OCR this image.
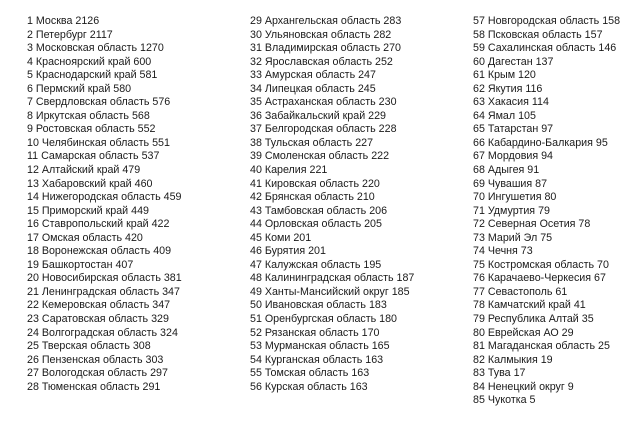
1 Москва 2126
2 Петербург 2117
3 Московская область 1270
4 Красноярский край 600
5 Краснодарский край 581
6 Пермский край 580
7 Свердловская область 576
8 Иркутская область 568
9 Ростовская область 552
10 Челябинская область 551
11 Самарская область 537
12 Алтайский край 479
13 Хабаровский край 460
14 Нижегородская область 459
15 Приморский край 449
16 Ставропольский край 422
17 Омская область 420
18 Воронежская область 409
19 Башкортостан 407
20 Новосибирская область 381
21 Ленинградская область 347
22 Кемеровская область 347
23 Саратовская область 329
24 Волгоградская область 324
25 Тверская область 308
26 Пензенская область 303
27 Вологодская область 297
28 Тюменская область 291
29 Архангельская область 283
30 Ульяновская область 282
31 Владимирская область 270
32 Ярославская область 252
33 Амурская область 247
34 Липецкая область 245
35 Астраханская область 230
36 Забайкальский край 229
37 Белгородская область 228
38 Тульская область 227
39 Смоленская область 222
40 Карелия 221
41 Кировская область 220
42 Брянская область 210
43 Тамбовская область 206
44 Орловская область 205
45 Коми 201
46 Бурятия 201
47 Калужская область 195
48 Калининградская область 187
49 Ханты-Мансийский округ 185
50 Ивановская область 183
51 Оренбургская область 180
52 Рязанская область 170
53 Мурманская область 165
54 Курганская область 163
55 Томская область 163
56 Курская область 163
57 Новгородская область 158
58 Псковская область 157
59 Сахалинская область 146
60 Дагестан 137
61 Крым 120
62 Якутия 116
63 Хакасия 114
64 Ямал 105
65 Татарстан 97
66 Кабардино-Балкария 95
67 Мордовия 94
68 Адыгея 91
69 Чувашия 87
70 Ингушетия 80
71 Удмуртия 79
72 Северная Осетия 78
73 Марий Эл 75
74 Чечня 73
75 Костромская область 70
76 Карачаево-Черкесия 67
77 Севастополь 61
78 Камчатский край 41
79 Республика Алтай 35
80 Еврейская АО 29
81 Магаданская область 25
82 Калмыкия 19
83 Тува 17
84 Ненецкий округ 9
85 Чукотка 5
